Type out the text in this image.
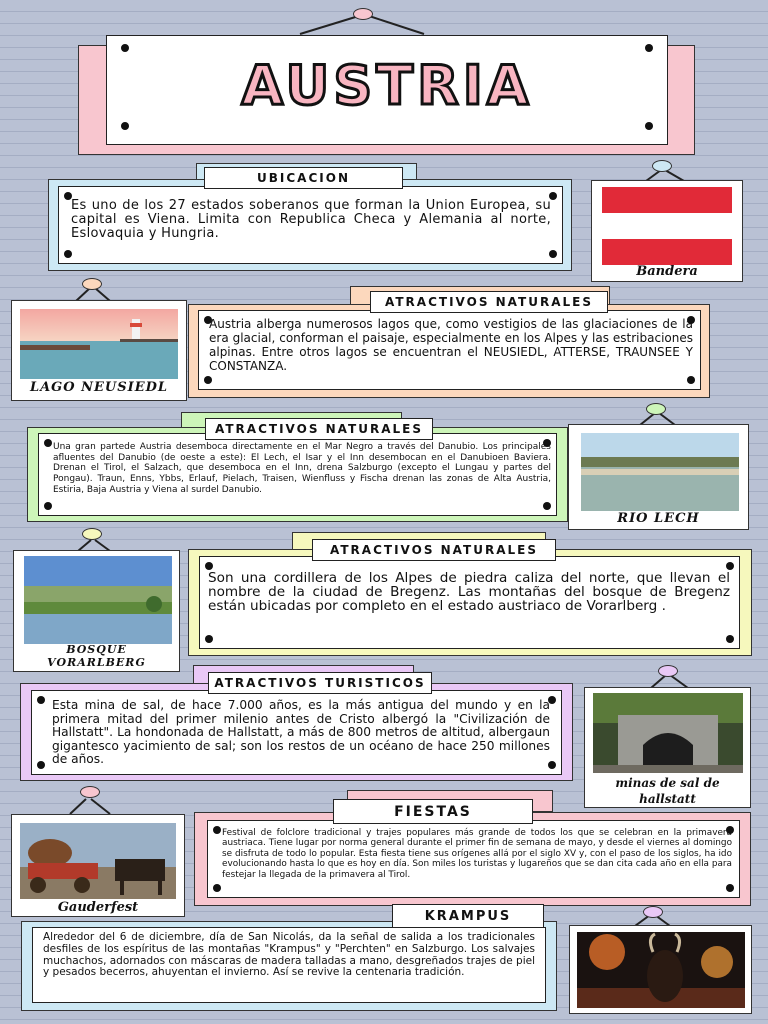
AUSTRIA

Es uno de los 27 estados soberanos que forman la Union Europea, su capital es Viena. Limita con Republica Checa y Alemania al norte, Eslovaquia y Hungria.

UBICACION
Bandera

Austria alberga numerosos lagos que, como vestigios de las glaciaciones de la era glacial, conforman el paisaje, especialmente en los Alpes y las estribaciones alpinas. Entre otros lagos se encuentran el NEUSIEDL, ATTERSE, TRAUNSEE Y CONSTANZA.

ATRACTIVOS NATURALES
LAGO NEUSIEDL

Una gran partede Austria desemboca directamente en el Mar Negro a través del Danubio. Los principales afluentes del Danubio (de oeste a este): El Lech, el Isar y el Inn desembocan en el Danubioen Baviera. Drenan el Tirol, el Salzach, que desemboca en el Inn, drena Salzburgo (excepto el Lungau y partes del Pongau). Traun, Enns, Ybbs, Erlauf, Pielach, Traisen, Wienfluss y Fischa drenan las zonas de Alta Austria, Estiria, Baja Austria y Viena al surdel Danubio.

ATRACTIVOS NATURALES
RIO LECH

Son una cordillera de los Alpes de piedra caliza del norte, que llevan el nombre de la ciudad de Bregenz. Las montañas del bosque de Bregenz están ubicadas por completo en el estado austriaco de Vorarlberg .

ATRACTIVOS NATURALES
BOSQUE
VORARLBERG

Esta mina de sal, de hace 7.000 años, es la más antigua del mundo y en la primera mitad del primer milenio antes de Cristo albergó la "Civilización de Hallstatt". La hondonada de Hallstatt, a más de 800 metros de altitud, albergaun gigantesco yacimiento de sal; son los restos de un océano de hace 250 millones de años.

ATRACTIVOS TURISTICOS
minas de sal de
hallstatt

Festival de folclore tradicional y trajes populares más grande de todos los que se celebran en la primavera austriaca. Tiene lugar por norma general durante el primer fin de semana de mayo, y desde el viernes al domingo se disfruta de todo lo popular. Esta fiesta tiene sus orígenes allá por el siglo XV y, con el paso de los siglos, ha ido evolucionando hasta lo que es hoy en día. Son miles los turistas y lugareños que se dan cita cada año en ella para festejar la llegada de la primavera al Tirol.

FIESTAS
Gauderfest

Alrededor del 6 de diciembre, día de San Nicolás, da la señal de salida a los tradicionales desfiles de los espíritus de las montañas "Krampus" y "Perchten" en Salzburgo. Los salvajes muchachos, adornados con máscaras de madera talladas a mano, desgreñados trajes de piel y pesados becerros, ahuyentan el invierno. Así se revive la centenaria tradición.

KRAMPUS
